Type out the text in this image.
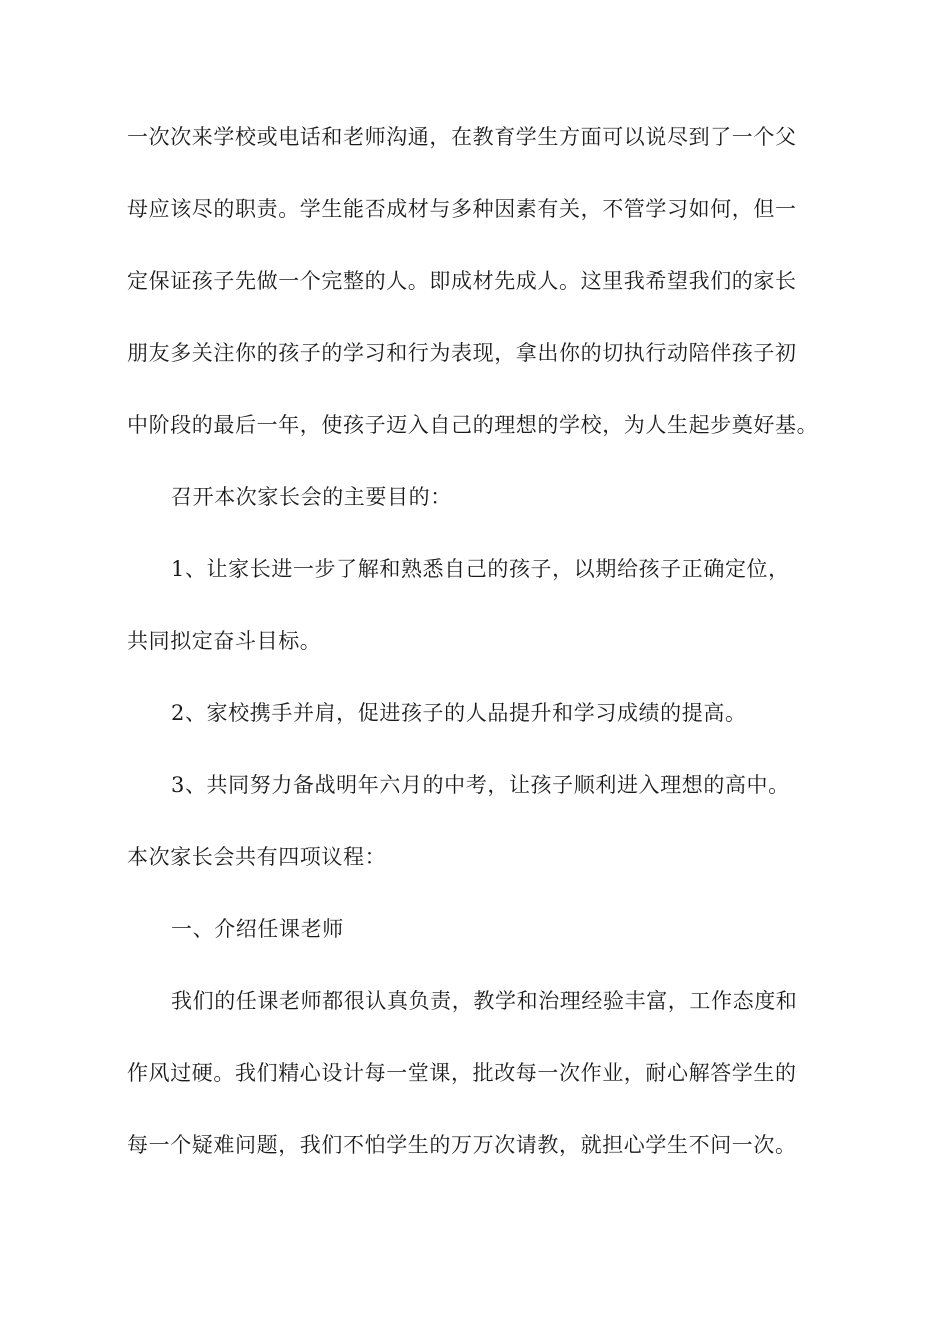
一次次来学校或电话和老师沟通，在教育学生方面可以说尽到了一个父
母应该尽的职责。学生能否成材与多种因素有关，不管学习如何，但一
定保证孩子先做一个完整的人。即成材先成人。这里我希望我们的家长
朋友多关注你的孩子的学习和行为表现，拿出你的切执行动陪伴孩子初
中阶段的最后一年，使孩子迈入自己的理想的学校，为人生起步奠好基。
召开本次家长会的主要目的：
1、让家长进一步了解和熟悉自己的孩子，以期给孩子正确定位，
共同拟定奋斗目标。
2、家校携手并肩，促进孩子的人品提升和学习成绩的提高。
3、共同努力备战明年六月的中考，让孩子顺利进入理想的高中。
本次家长会共有四项议程：
一、介绍任课老师
我们的任课老师都很认真负责，教学和治理经验丰富，工作态度和
作风过硬。我们精心设计每一堂课，批改每一次作业，耐心解答学生的
每一个疑难问题，我们不怕学生的万万次请教，就担心学生不问一次。
